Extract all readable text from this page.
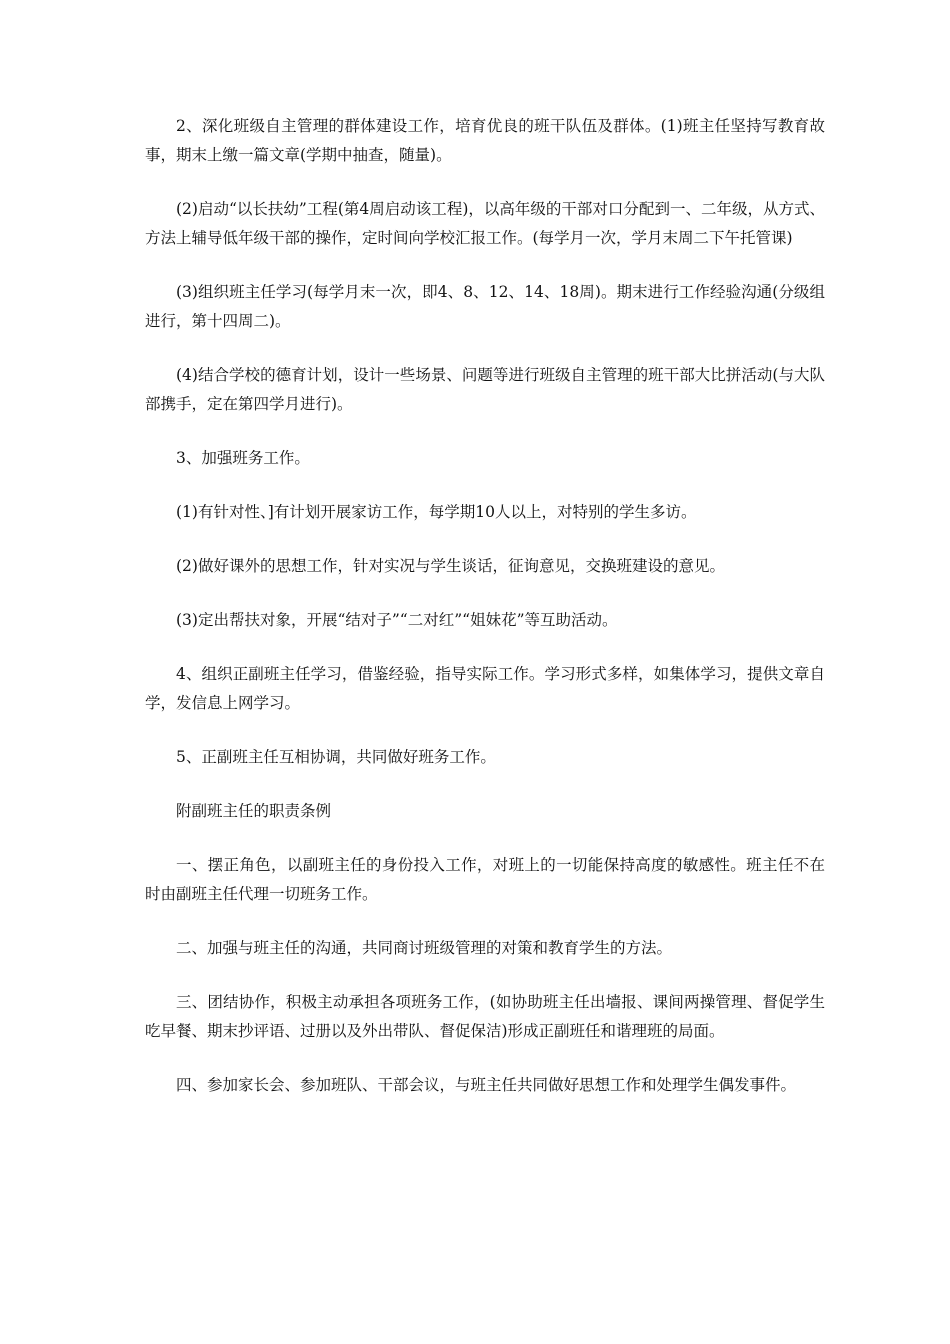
2、深化班级自主管理的群体建设工作，培育优良的班干队伍及群体。(1)班主任坚持写教育故事，期末上缴一篇文章(学期中抽查，随量)。

(2)启动“以长扶幼”工程(第4周启动该工程)，以高年级的干部对口分配到一、二年级，从方式、方法上辅导低年级干部的操作，定时间向学校汇报工作。(每学月一次，学月末周二下午托管课)

(3)组织班主任学习(每学月末一次，即4、8、12、14、18周)。期末进行工作经验沟通(分级组进行，第十四周二)。

(4)结合学校的德育计划，设计一些场景、问题等进行班级自主管理的班干部大比拼活动(与大队部携手，定在第四学月进行)。

3、加强班务工作。

(1)有针对性、]有计划开展家访工作，每学期10人以上，对特别的学生多访。

(2)做好课外的思想工作，针对实况与学生谈话，征询意见，交换班建设的意见。

(3)定出帮扶对象，开展“结对子”“二对红”“姐妹花”等互助活动。

4、组织正副班主任学习，借鉴经验，指导实际工作。学习形式多样，如集体学习，提供文章自学，发信息上网学习。

5、正副班主任互相协调，共同做好班务工作。

附副班主任的职责条例

一、摆正角色，以副班主任的身份投入工作，对班上的一切能保持高度的敏感性。班主任不在时由副班主任代理一切班务工作。

二、加强与班主任的沟通，共同商讨班级管理的对策和教育学生的方法。

三、团结协作，积极主动承担各项班务工作，(如协助班主任出墙报、课间两操管理、督促学生吃早餐、期末抄评语、过册以及外出带队、督促保洁)形成正副班任和谐理班的局面。

四、参加家长会、参加班队、干部会议，与班主任共同做好思想工作和处理学生偶发事件。
